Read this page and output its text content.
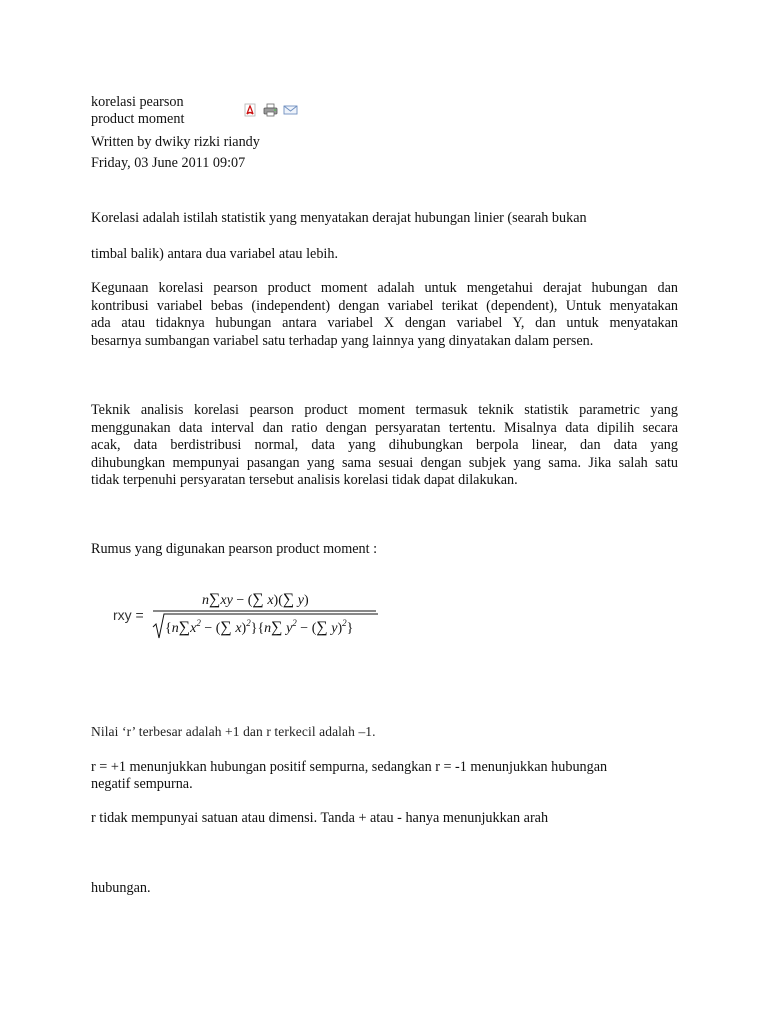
korelasi pearson
product moment
Written by dwiky rizki riandy
Friday, 03 June 2011 09:07
Korelasi adalah istilah statistik yang menyatakan derajat hubungan linier (searah bukan
timbal balik) antara dua variabel atau lebih.
Kegunaan korelasi pearson product moment adalah untuk mengetahui derajat hubungan dan
kontribusi variabel bebas (independent) dengan variabel terikat (dependent), Untuk menyatakan
ada atau tidaknya hubungan antara variabel X dengan variabel Y, dan untuk menyatakan
besarnya sumbangan variabel satu terhadap yang lainnya yang dinyatakan dalam persen.
Teknik analisis korelasi pearson product moment termasuk teknik statistik parametric yang
menggunakan data interval dan ratio dengan persyaratan tertentu. Misalnya data dipilih secara
acak, data berdistribusi normal, data yang dihubungkan berpola linear, dan data yang
dihubungkan mempunyai pasangan yang sama sesuai dengan subjek yang sama. Jika salah satu
tidak terpenuhi persyaratan tersebut analisis korelasi tidak dapat dilakukan.
Rumus yang digunakan pearson product moment :
rxy =
n∑xy − (∑ x)(∑ y)
{$n\sum x^2$ − (∑ x)$^2$}{n∑ $y^2$ − (∑ y)$^2$}
Nilai ‘r’ terbesar adalah +1 dan r terkecil adalah –1.
r = +1 menunjukkan hubungan positif sempurna, sedangkan r = -1 menunjukkan hubungan
negatif sempurna.
r tidak mempunyai satuan atau dimensi. Tanda + atau - hanya menunjukkan arah
hubungan.
